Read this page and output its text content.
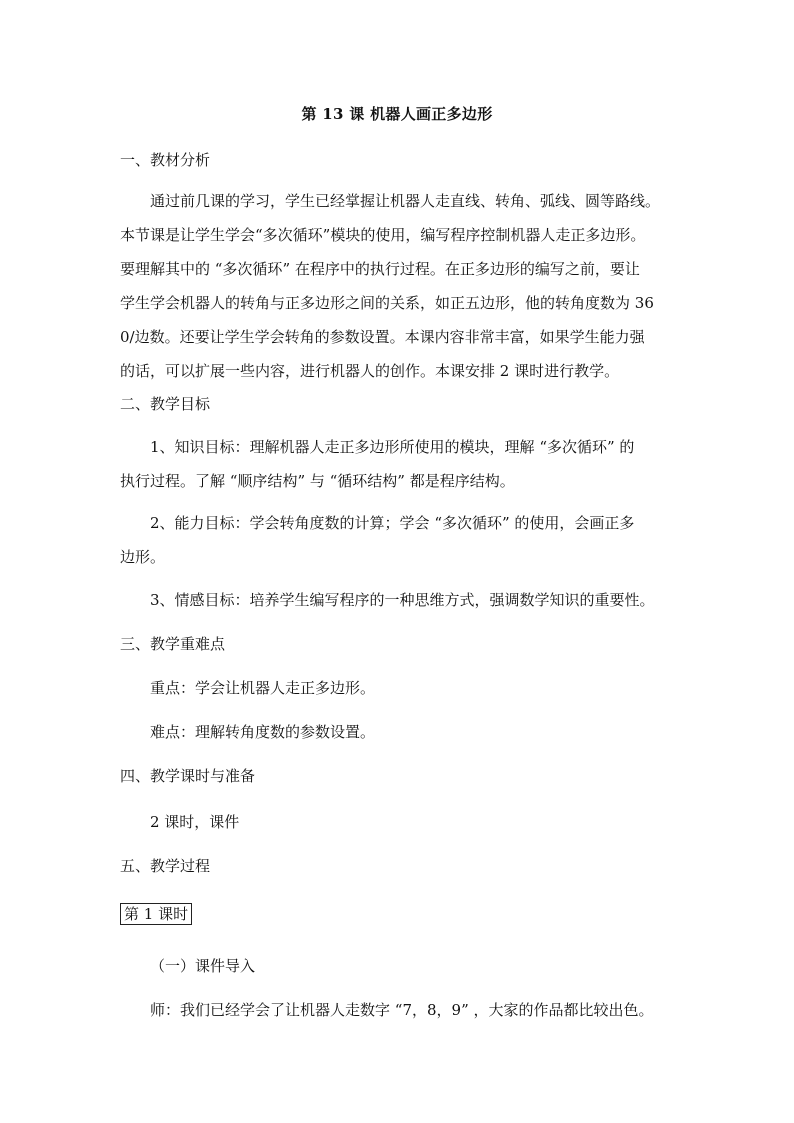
第 13 课 机器人画正多边形
一、教材分析
通过前几课的学习，学生已经掌握让机器人走直线、转角、弧线、圆等路线。
本节课是让学生学会“多次循环”模块的使用，编写程序控制机器人走正多边形。
要理解其中的 “多次循环” 在程序中的执行过程。在正多边形的编写之前，要让
学生学会机器人的转角与正多边形之间的关系，如正五边形，他的转角度数为 36
0/边数。还要让学生学会转角的参数设置。本课内容非常丰富，如果学生能力强
的话，可以扩展一些内容，进行机器人的创作。本课安排 2 课时进行教学。
二、教学目标
1、知识目标：理解机器人走正多边形所使用的模块，理解 “多次循环” 的
执行过程。了解 “顺序结构” 与 “循环结构” 都是程序结构。
2、能力目标：学会转角度数的计算；学会 “多次循环” 的使用，会画正多
边形。
3、情感目标：培养学生编写程序的一种思维方式，强调数学知识的重要性。
三、教学重难点
重点：学会让机器人走正多边形。
难点：理解转角度数的参数设置。
四、教学课时与准备
2 课时，课件
五、教学过程
第 1 课时
（一）课件导入
师：我们已经学会了让机器人走数字 “7，8，9” ，大家的作品都比较出色。
